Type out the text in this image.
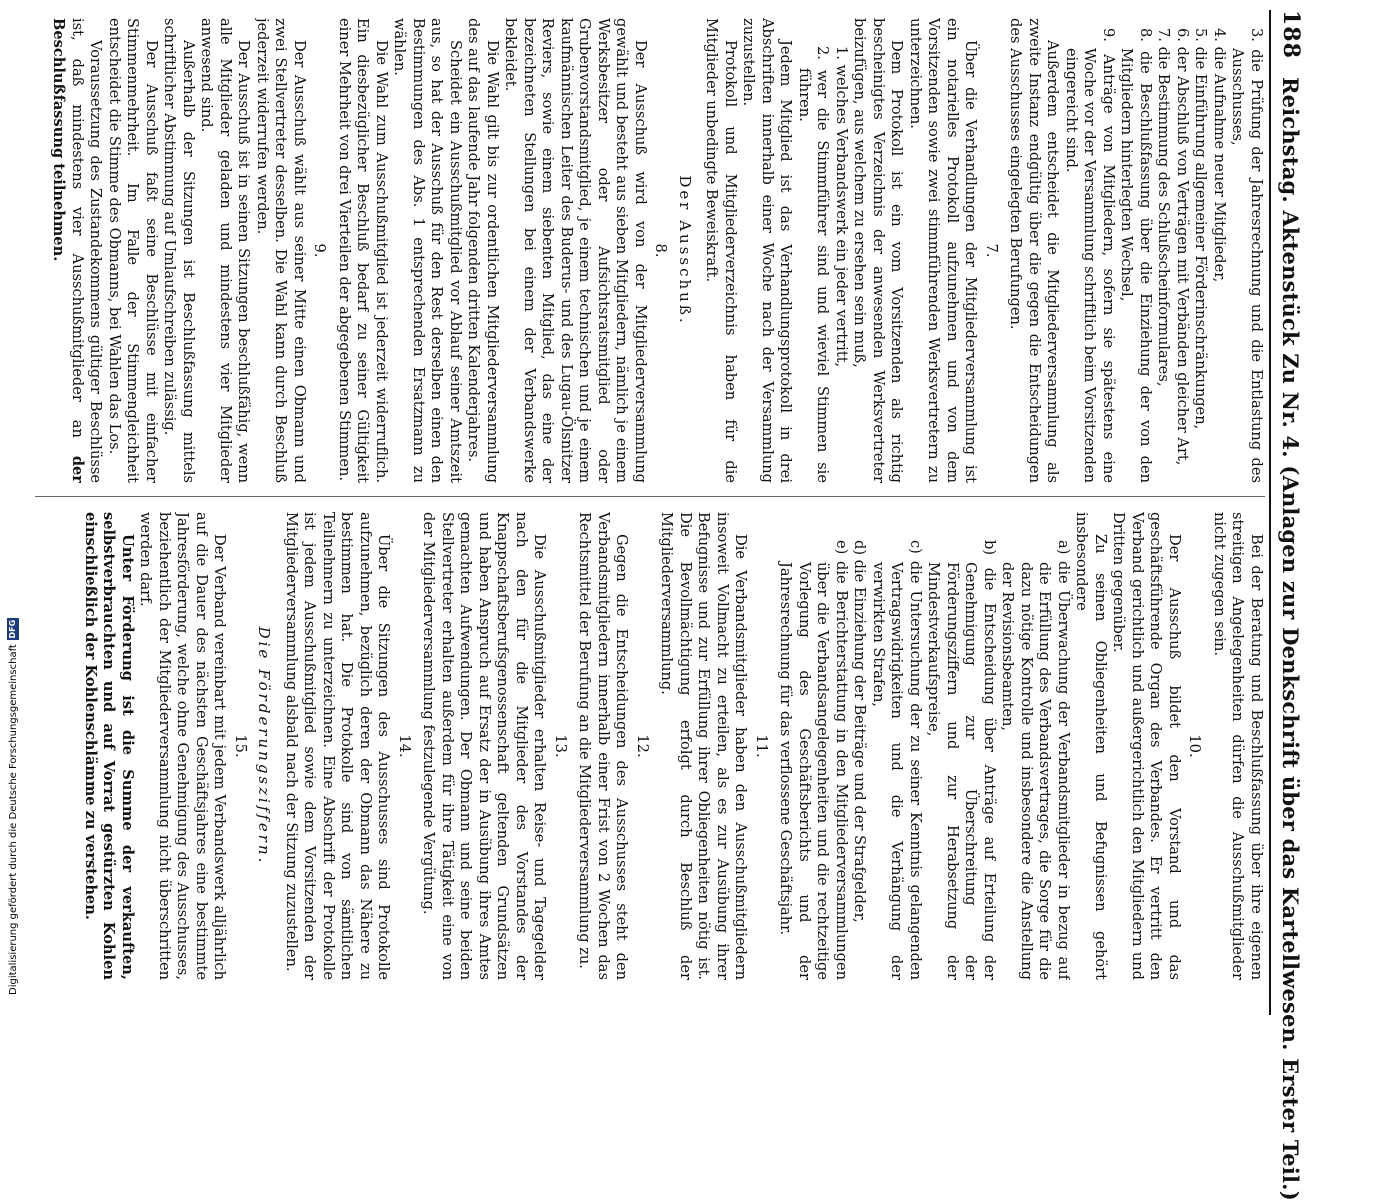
188
Reichstag. Aktenstück Zu Nr. 4. (Anlagen zur Denkschrift über das Kartellwesen. Erster Teil.)

3. die Prüfung der Jahresrechnung und die Entlastung des Ausschusses,

4. die Aufnahme neuer Mitglieder,

5. die Einführung allgemeiner Förderinschränkungen,

6. der Abschluß von Verträgen mit Verbänden gleicher Art,

7. die Bestimmung des Schlußscheinformulares,

8. die Beschlußfassung über die Einziehung der von den Mitgliedern hinterlegten Wechsel,

9. Anträge von Mitgliedern, sofern sie spätestens eine Woche vor der Versammlung schriftlich beim Vorsitzenden eingereicht sind.

Außerdem entscheidet die Mitgliederversammlung als zweite Instanz endgültig über die gegen die Entscheidungen des Ausschusses eingelegten Berufungen.

7.

Über die Verhandlungen der Mitgliederversammlung ist ein notarielles Protokoll aufzunehmen und von dem Vorsitzenden sowie zwei stimmführenden Werksvertretern zu unterzeichnen.

Dem Protokoll ist ein vom Vorsitzenden als richtig bescheinigtes Verzeichnis der anwesenden Werksvertreter beizufügen, aus welchem zu ersehen sein muß,

1. welches Verbandswerk ein jeder vertritt,

2. wer die Stimmführer sind und wieviel Stimmen sie führen.

Jedem Mitglied ist das Verhandlungsprotokoll in drei Abschriften innerhalb einer Woche nach der Versammlung zuzustellen.

Protokoll und Mitgliederverzeichnis haben für die Mitglieder unbedingte Beweiskraft.

Der Ausschuß.
8.

Der Ausschuß wird von der Mitgliederversammlung gewählt und besteht aus sieben Mitgliedern, nämlich je einem Werksbesitzer oder Aufsichtsratsmitglied oder Grubenvorstandsmitglied, je einem technischen und je einem kaufmännischen Leiter des Buderus- und des Lugau-Ölsnitzer Reviers, sowie einem siebenten Mitglied, das eine der bezeichneten Stellungen bei einem der Verbandswerke bekleidet.

Die Wahl gilt bis zur ordentlichen Mitgliederversammlung des auf das laufende Jahr folgenden dritten Kalenderjahres.

Scheidet ein Ausschußmitglied vor Ablauf seiner Amtszeit aus, so hat der Ausschuß für den Rest derselben einen den Bestimmungen des Abs. 1 entsprechenden Ersatzmann zu wählen.

Die Wahl zum Ausschußmitglied ist jederzeit widerruflich. Ein diesbezüglicher Beschluß bedarf zu seiner Gültigkeit einer Mehrheit von drei Vierteilen der abgegebenen Stimmen.

9.

Der Ausschuß wählt aus seiner Mitte einen Obmann und zwei Stellvertreter desselben. Die Wahl kann durch Beschluß jederzeit widerrufen werden.

Der Ausschuß ist in seinen Sitzungen beschlußfähig, wenn alle Mitglieder geladen und mindestens vier Mitglieder anwesend sind.

Außerhalb der Sitzungen ist Beschlußfassung mittels schriftlicher Abstimmung auf Umlaufschreiben zulässig.

Der Ausschuß faßt seine Beschlüsse mit einfacher Stimmenmehrheit. Im Falle der Stimmengleichheit entscheidet die Stimme des Obmanns, bei Wahlen das Los.

Voraussetzung des Zustandekommens gültiger Beschlüsse ist, daß mindestens vier Ausschußmitglieder an der Beschlußfassung teilnehmen.

Bei der Beratung und Beschlußfassung über ihre eigenen streitigen Angelegenheiten dürfen die Ausschußmitglieder nicht zugegen sein.

10.

Der Ausschuß bildet den Vorstand und das geschäftsführende Organ des Verbandes. Er vertritt den Verband gerichtlich und außergerichtlich den Mitgliedern und Dritten gegenüber.

Zu seinen Obliegenheiten und Befugnissen gehört insbesondere

a) die Überwachung der Verbandsmitglieder in bezug auf die Erfüllung des Verbandsvertrages, die Sorge für die dazu nötige Kontrolle und insbesondere die Anstellung der Revisionsbeamten,

b) die Entscheidung über Anträge auf Erteilung der Genehmigung zur Überschreitung der Förderungsziffern und zur Herabsetzung der Mindestverkaufspreise,

c) die Untersuchung der zu seiner Kenntnis gelangenden Vertragswidrigkeiten und die Verhängung der verwirkten Strafen,

d) die Einziehung der Beiträge und der Strafgelder,

e) die Berichterstattung in den Mitgliederversammlungen über die Verbandsangelegenheiten und die rechtzeitige Vorlegung des Geschäftsberichts und der Jahresrechnung für das verflossene Geschäftsjahr.

11.

Die Verbandsmitglieder haben den Ausschußmitgliedern insoweit Vollmacht zu erteilen, als es zur Ausübung ihrer Befugnisse und zur Erfüllung ihrer Obliegenheiten nötig ist. Die Bevollmächtigung erfolgt durch Beschluß der Mitgliederversammlung.

12.

Gegen die Entscheidungen des Ausschusses steht den Verbandsmitgliedern innerhalb einer Frist von 2 Wochen das Rechtsmittel der Berufung an die Mitgliederversammlung zu.

13.

Die Ausschußmitglieder erhalten Reise- und Tagegelder nach den für die Mitglieder des Vorstandes der Knappschaftsberufsgenossenschaft geltenden Grundsätzen und haben Anspruch auf Ersatz der in Ausübung ihres Amtes gemachten Aufwendungen. Der Obmann und seine beiden Stellvertreter erhalten außerdem für ihre Tätigkeit eine von der Mitgliederversammlung festzulegende Vergütung.

14.

Über die Sitzungen des Ausschusses sind Protokolle aufzunehmen, bezüglich deren der Obmann das Nähere zu bestimmen hat. Die Protokolle sind von sämtlichen Teilnehmern zu unterzeichnen. Eine Abschrift der Protokolle ist jedem Ausschußmitglied sowie dem Vorsitzenden der Mitgliederversammlung alsbald nach der Sitzung zuzustellen.

Die Förderungsziffern.
15.

Der Verband vereinbart mit jedem Verbandswerk alljährlich auf die Dauer des nächsten Geschäftsjahres eine bestimmte Jahresförderung, welche ohne Genehmigung des Ausschusses, beziehentlich der Mitgliederversammlung nicht überschritten werden darf.

Unter Förderung ist die Summe der verkauften, selbstverbrauchten und auf Vorrat gestürzten Kohlen einschließlich der Kohlenschlämme zu verstehen.

Digitalisierung gefördert durch die Deutsche Forschungsgemeinschaft
DFG
